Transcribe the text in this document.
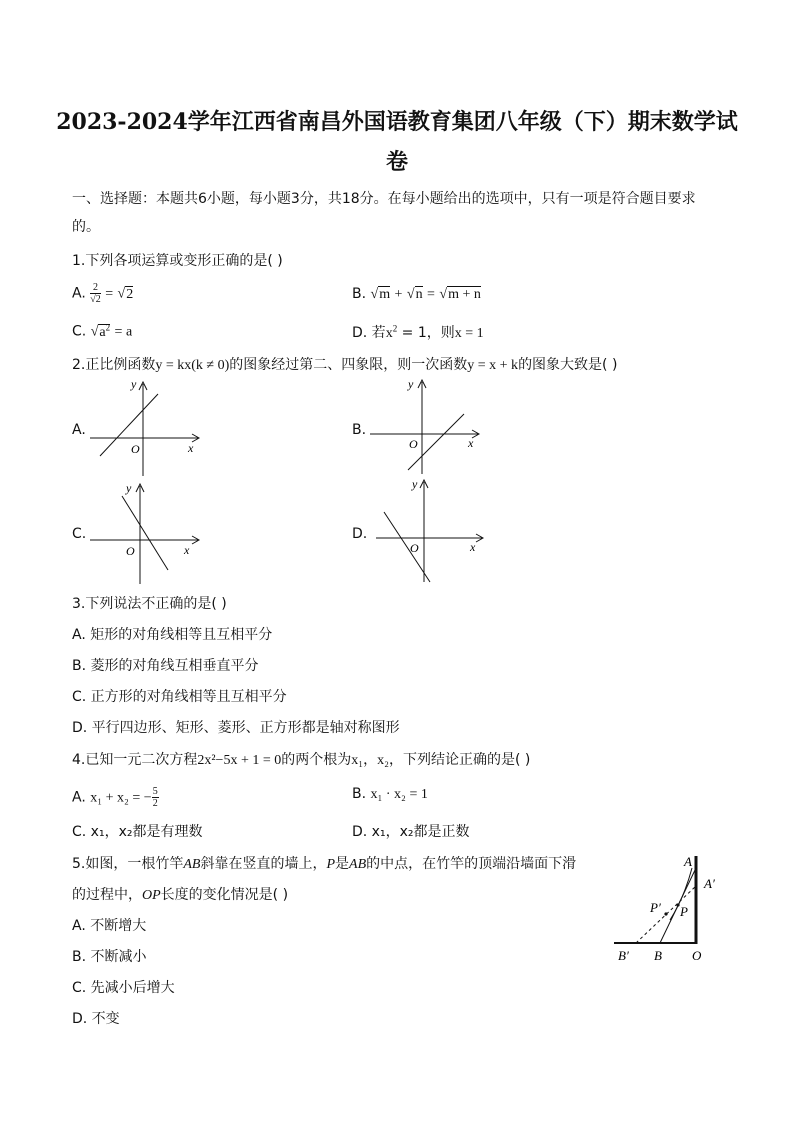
2023-2024学年江西省南昌外国语教育集团八年级（下）期末数学试
卷
一、选择题：本题共6小题，每小题3分，共18分。在每小题给出的选项中，只有一项是符合题目要求
的。
1.下列各项运算或变形正确的是( )
A. $\frac{2}{√2} = √2$	B. √m + √n = √m + n
C. $√a^2 = a$	D. 若$x^2 = 1$，则x = 1
2.正比例函数y = kx(k ≠ 0)的图象经过第二、四象限，则一次函数y = x + k的图象大致是( )
A.	B.
C.	D.
y
x
O
y
x
O
y
x
O
y
x
O
3.下列说法不正确的是( )
A. 矩形的对角线相等且互相平分
B. 菱形的对角线互相垂直平分
C. 正方形的对角线相等且互相平分
D. 平行四边形、矩形、菱形、正方形都是轴对称图形
4.已知一元二次方程2x²−5x + 1 = 0的两个根为x₁，x₂，下列结论正确的是( )
A. x₁ + x₂ = − $\frac{5}{2}$	B. x₁ · x₂ = 1
C. x₁，x₂都是有理数	D. x₁，x₂都是正数
5.如图，一根竹竿AB斜靠在竖直的墙上，P是AB的中点，在竹竿的顶端沿墙面下滑
的过程中，OP长度的变化情况是( )
A. 不断增大
B. 不断减小
C. 先减小后增大
D. 不变
A
A′
P
P′
B′ B O
